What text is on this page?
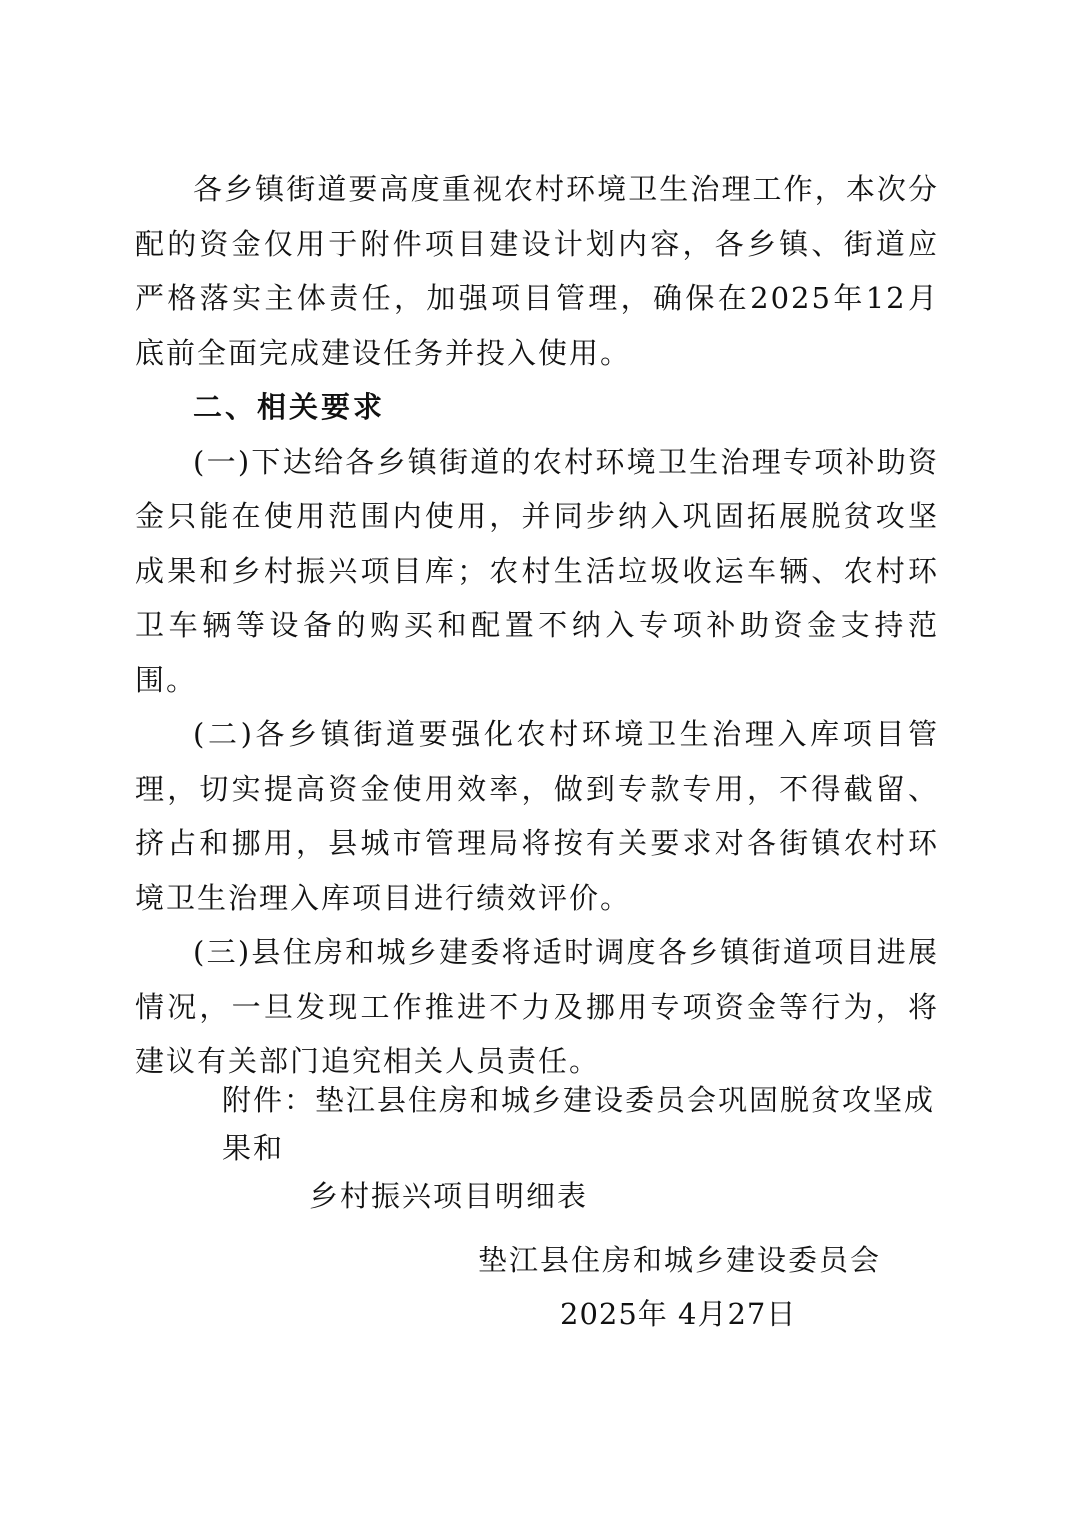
各乡镇街道要高度重视农村环境卫生治理工作，本次分配的资金仅用于附件项目建设计划内容，各乡镇、街道应严格落实主体责任，加强项目管理，确保在2025年12月底前全面完成建设任务并投入使用。

二、相关要求

(一)下达给各乡镇街道的农村环境卫生治理专项补助资金只能在使用范围内使用，并同步纳入巩固拓展脱贫攻坚成果和乡村振兴项目库；农村生活垃圾收运车辆、农村环卫车辆等设备的购买和配置不纳入专项补助资金支持范围。

(二)各乡镇街道要强化农村环境卫生治理入库项目管理，切实提高资金使用效率，做到专款专用，不得截留、挤占和挪用，县城市管理局将按有关要求对各街镇农村环境卫生治理入库项目进行绩效评价。

(三)县住房和城乡建委将适时调度各乡镇街道项目进展情况，一旦发现工作推进不力及挪用专项资金等行为，将建议有关部门追究相关人员责任。

附件：垫江县住房和城乡建设委员会巩固脱贫攻坚成果和
乡村振兴项目明细表
垫江县住房和城乡建设委员会
2025年 4月27日
